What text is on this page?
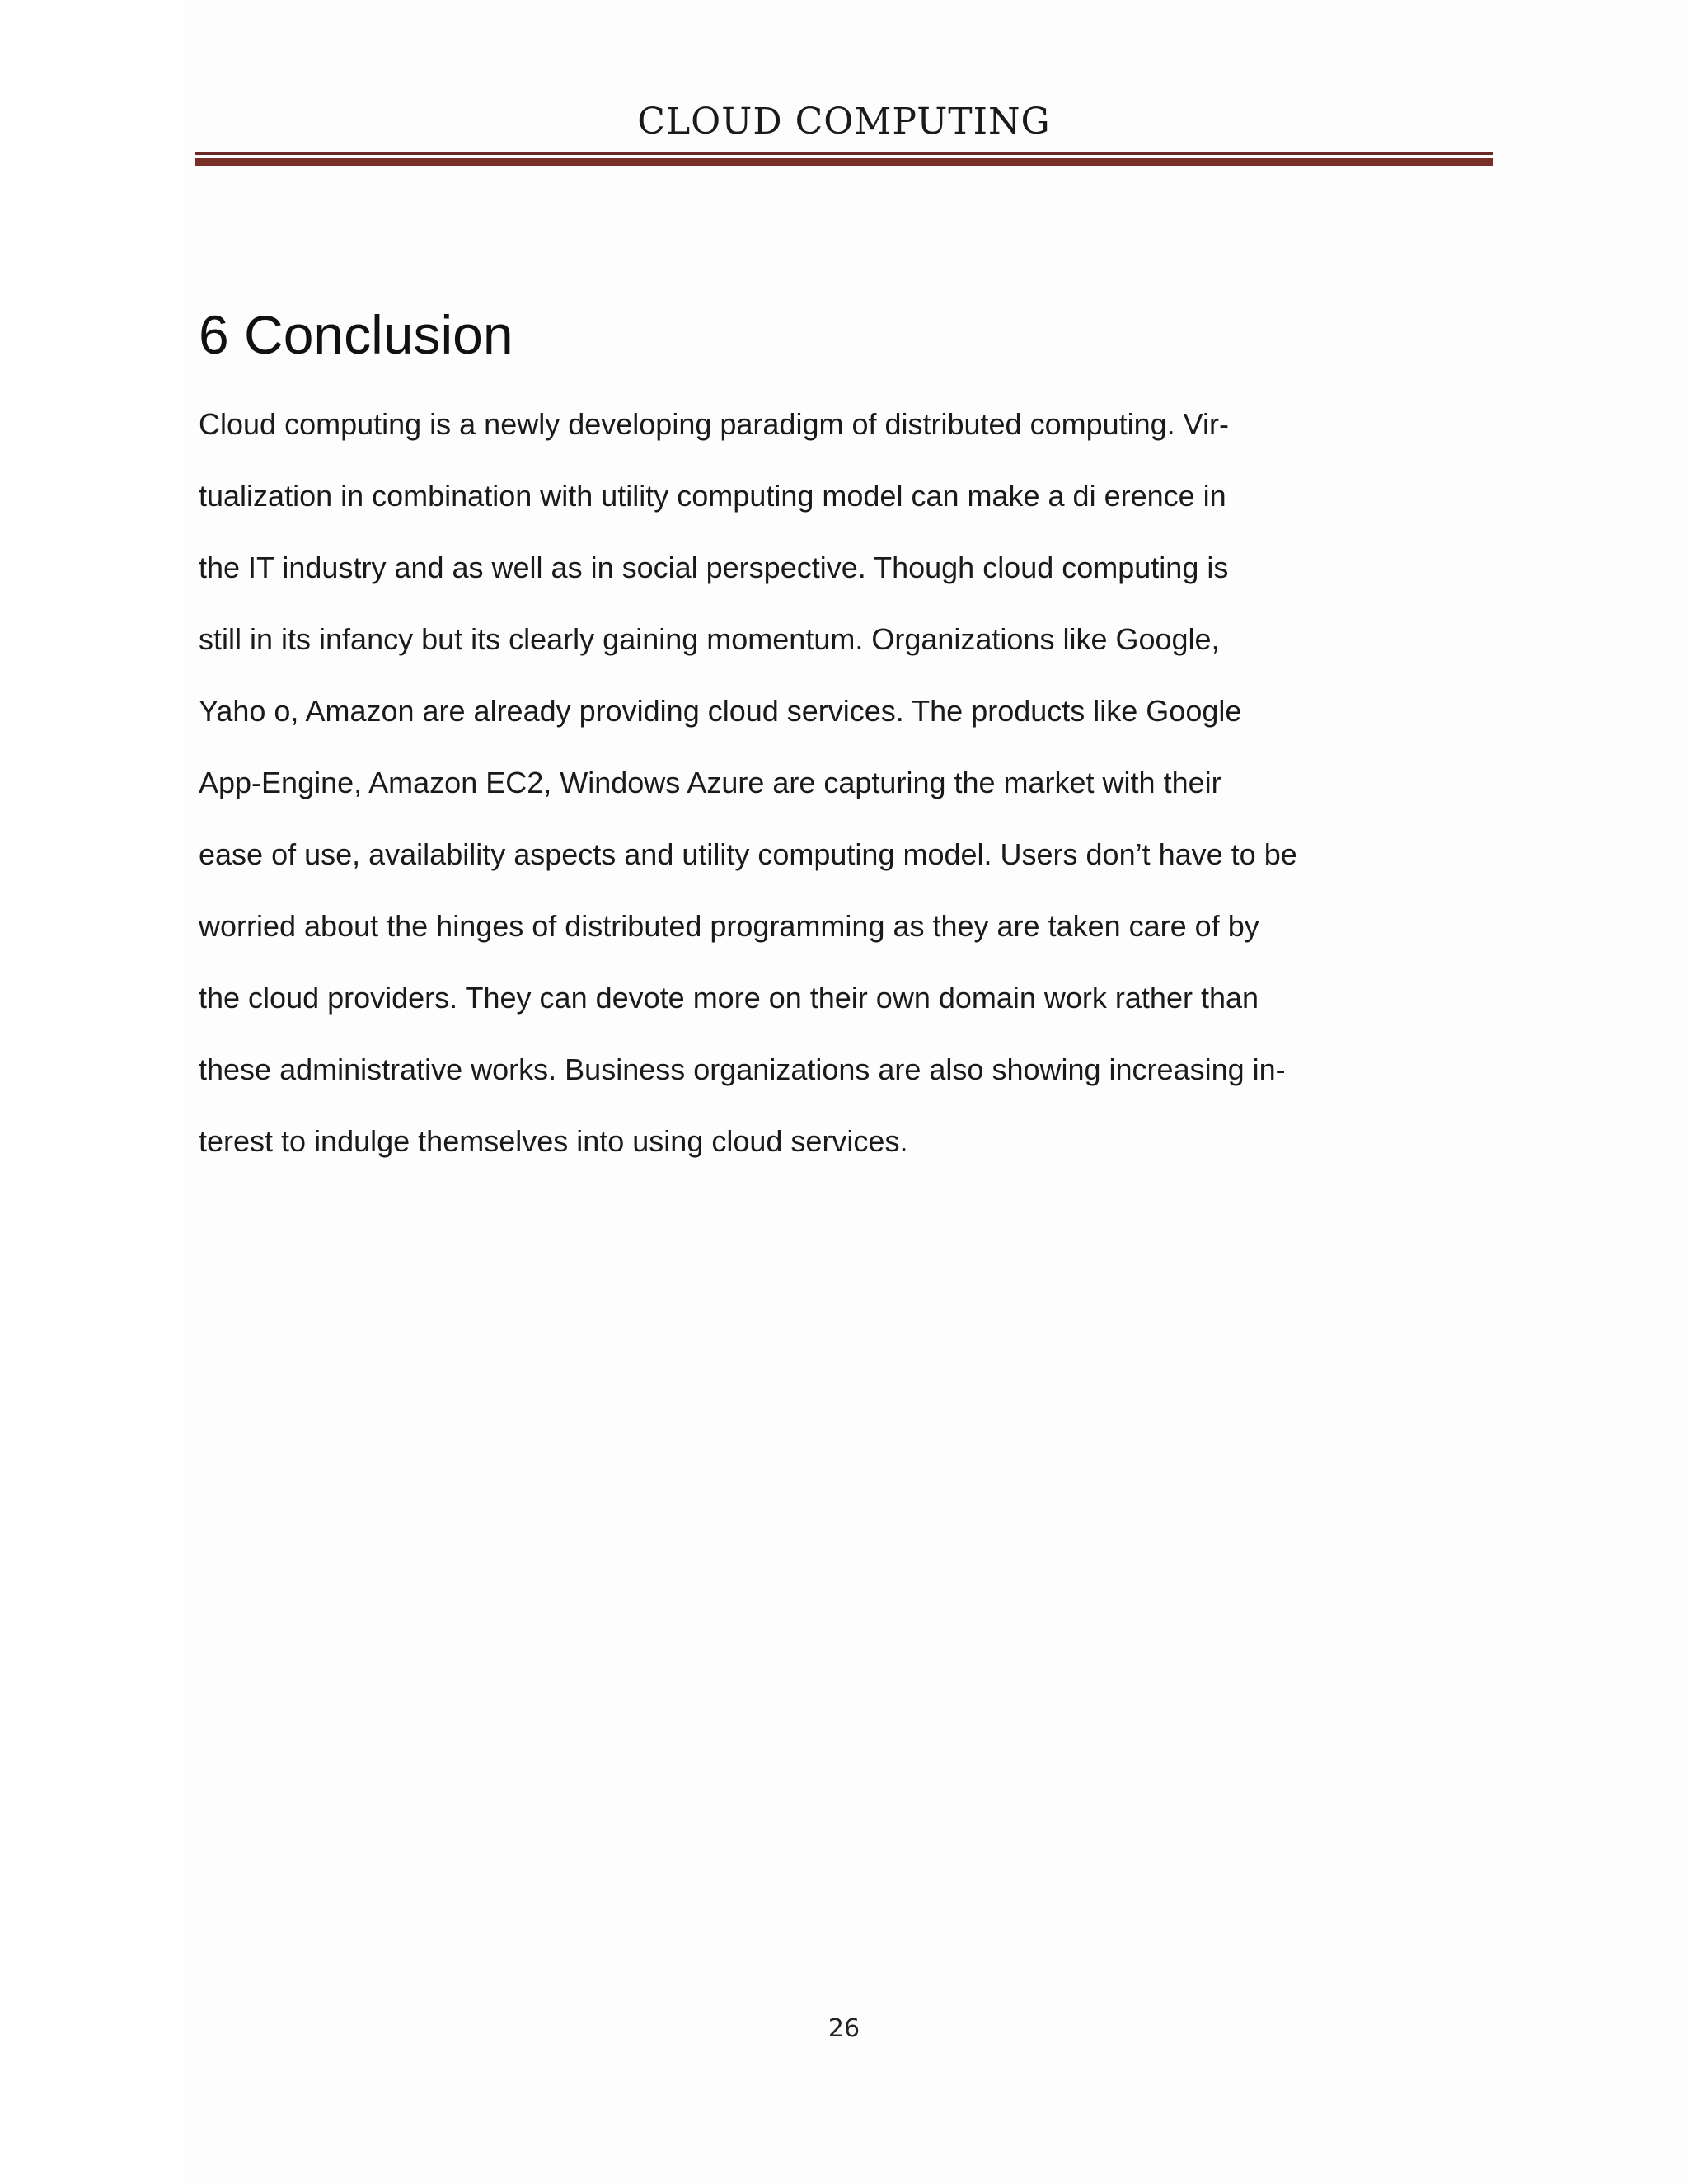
CLOUD COMPUTING
6 Conclusion
Cloud computing is a newly developing paradigm of distributed computing. Vir-
tualization in combination with utility computing model can make a di erence in
the IT industry and as well as in social perspective. Though cloud computing is
still in its infancy but its clearly gaining momentum. Organizations like Google,
Yaho o, Amazon are already providing cloud services. The products like Google
App-Engine, Amazon EC2, Windows Azure are capturing the market with their
ease of use, availability aspects and utility computing model. Users don’t have to be
worried about the hinges of distributed programming as they are taken care of by
the cloud providers. They can devote more on their own domain work rather than
these administrative works. Business organizations are also showing increasing in-
terest to indulge themselves into using cloud services.
26
